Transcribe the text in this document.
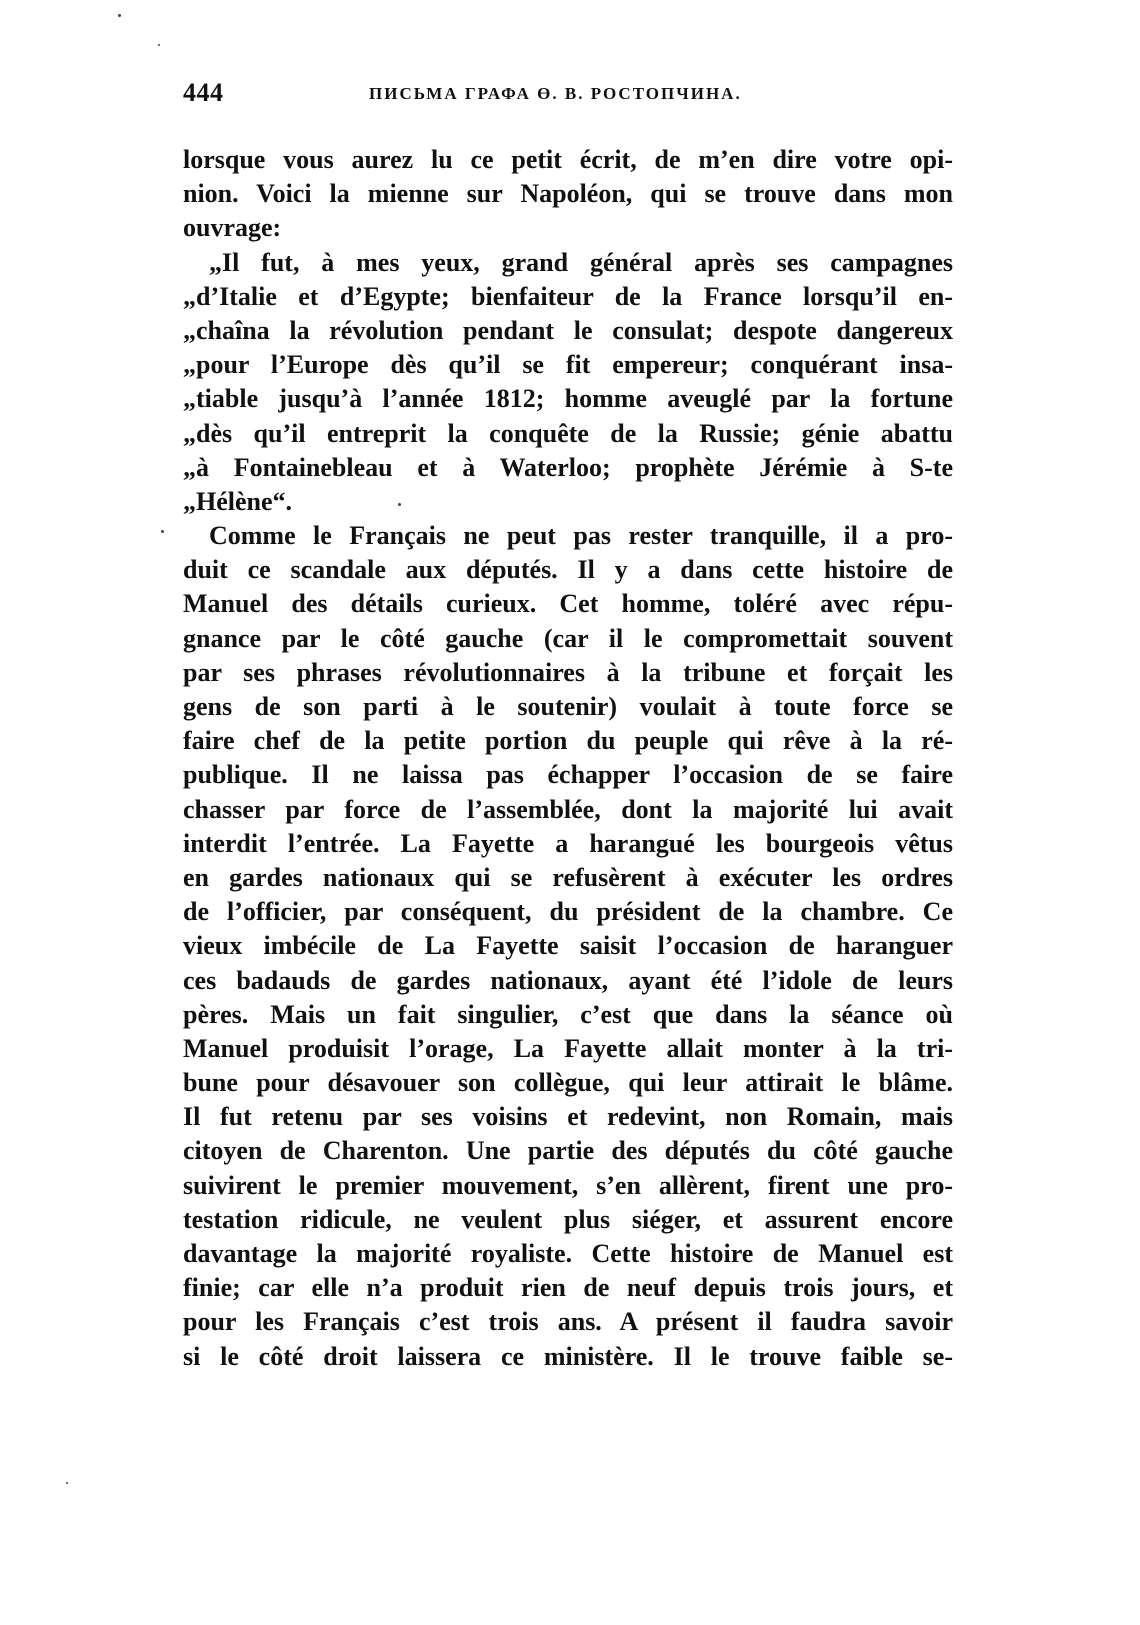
444	ПИСЬМА ГРАФА Ө. В. РОСТОПЧИНА.
lorsque vous aurez lu ce petit écrit, de m’en dire votre opi-
nion. Voici la mienne sur Napoléon, qui se trouve dans mon
ouvrage:
„Il fut, à mes yeux, grand général après ses campagnes
„d’Italie et d’Egypte; bienfaiteur de la France lorsqu’il en-
„chaîna la révolution pendant le consulat; despote dangereux
„pour l’Europe dès qu’il se fit empereur; conquérant insa-
„tiable jusqu’à l’année 1812; homme aveuglé par la fortune
„dès qu’il entreprit la conquête de la Russie; génie abattu
„à Fontainebleau et à Waterloo; prophète Jérémie à S-te
„Hélène“.
Comme le Français ne peut pas rester tranquille, il a pro-
duit ce scandale aux députés. Il y a dans cette histoire de
Manuel des détails curieux. Cet homme, toléré avec répu-
gnance par le côté gauche (car il le compromettait souvent
par ses phrases révolutionnaires à la tribune et forçait les
gens de son parti à le soutenir) voulait à toute force se
faire chef de la petite portion du peuple qui rêve à la ré-
publique. Il ne laissa pas échapper l’occasion de se faire
chasser par force de l’assemblée, dont la majorité lui avait
interdit l’entrée. La Fayette a harangué les bourgeois vêtus
en gardes nationaux qui se refusèrent à exécuter les ordres
de l’officier, par conséquent, du président de la chambre. Ce
vieux imbécile de La Fayette saisit l’occasion de haranguer
ces badauds de gardes nationaux, ayant été l’idole de leurs
pères. Mais un fait singulier, c’est que dans la séance où
Manuel produisit l’orage, La Fayette allait monter à la tri-
bune pour désavouer son collègue, qui leur attirait le blâme.
Il fut retenu par ses voisins et redevint, non Romain, mais
citoyen de Charenton. Une partie des députés du côté gauche
suivirent le premier mouvement, s’en allèrent, firent une pro-
testation ridicule, ne veulent plus siéger, et assurent encore
davantage la majorité royaliste. Cette histoire de Manuel est
finie; car elle n’a produit rien de neuf depuis trois jours, et
pour les Français c’est trois ans. A présent il faudra savoir
si le côté droit laissera ce ministère. Il le trouve faible se-
